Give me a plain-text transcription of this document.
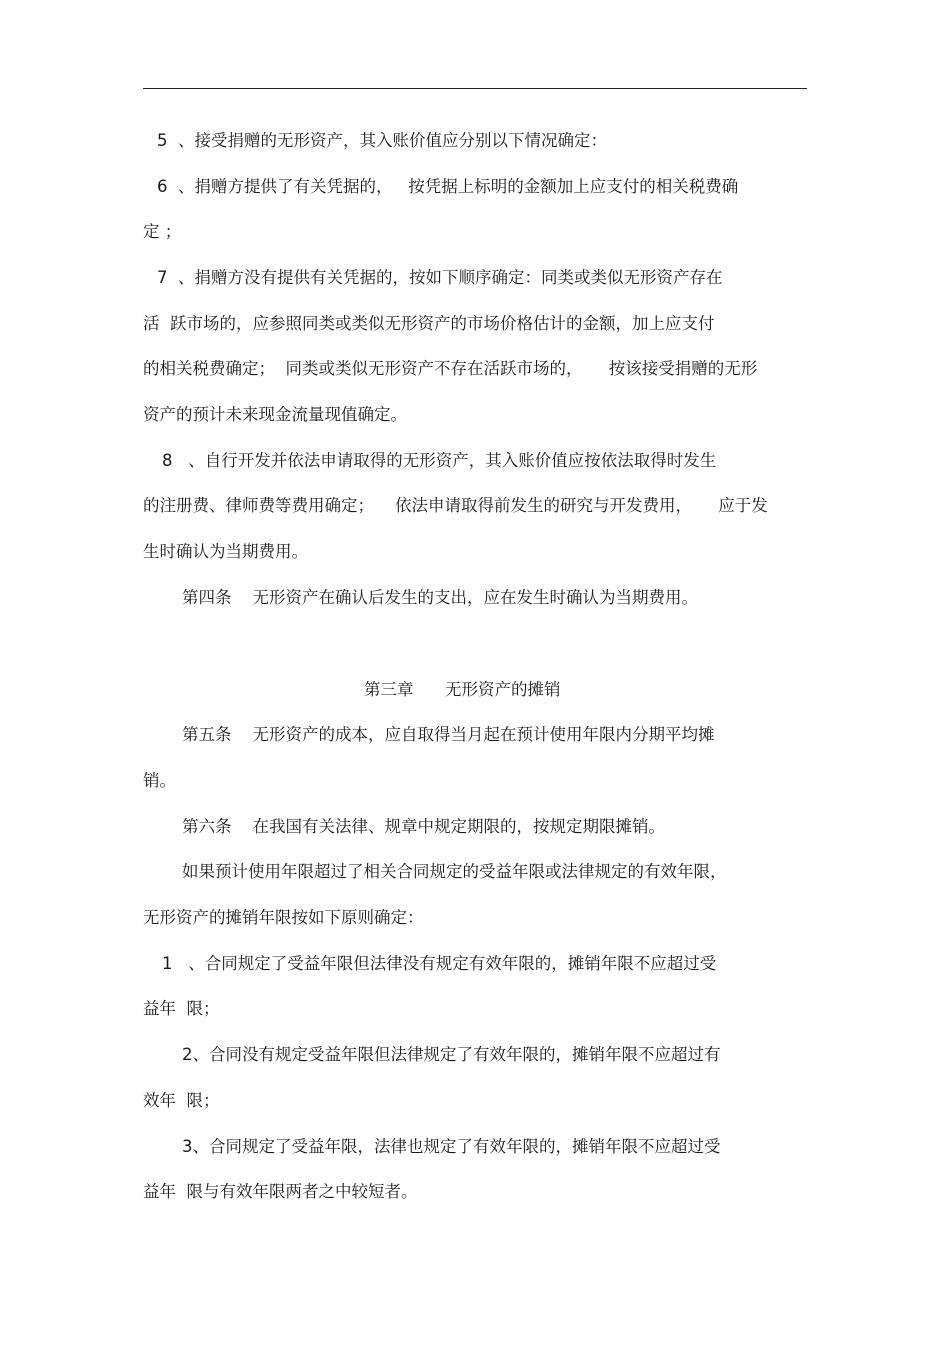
5  、接受捐赠的无形资产，其入账价值应分别以下情况确定：
6  、捐赠方提供了有关凭据的，   按凭据上标明的金额加上应支付的相关税费确
定 ；
7  、捐赠方没有提供有关凭据的，按如下顺序确定：同类或类似无形资产存在
活  跃市场的，应参照同类或类似无形资产的市场价格估计的金额，加上应支付
的相关税费确定；  同类或类似无形资产不存在活跃市场的，     按该接受捐赠的无形
资产的预计未来现金流量现值确定。
8   、自行开发并依法申请取得的无形资产，其入账价值应按依法取得时发生
的注册费、律师费等费用确定；    依法申请取得前发生的研究与开发费用，     应于发
生时确认为当期费用。
第四条    无形资产在确认后发生的支出，应在发生时确认为当期费用。
第三章      无形资产的摊销
第五条    无形资产的成本，应自取得当月起在预计使用年限内分期平均摊
销。
第六条    在我国有关法律、规章中规定期限的，按规定期限摊销。
如果预计使用年限超过了相关合同规定的受益年限或法律规定的有效年限，
无形资产的摊销年限按如下原则确定：
1   、合同规定了受益年限但法律没有规定有效年限的，摊销年限不应超过受
益年  限；
2、合同没有规定受益年限但法律规定了有效年限的，摊销年限不应超过有
效年  限；
3、合同规定了受益年限，法律也规定了有效年限的，摊销年限不应超过受
益年  限与有效年限两者之中较短者。
